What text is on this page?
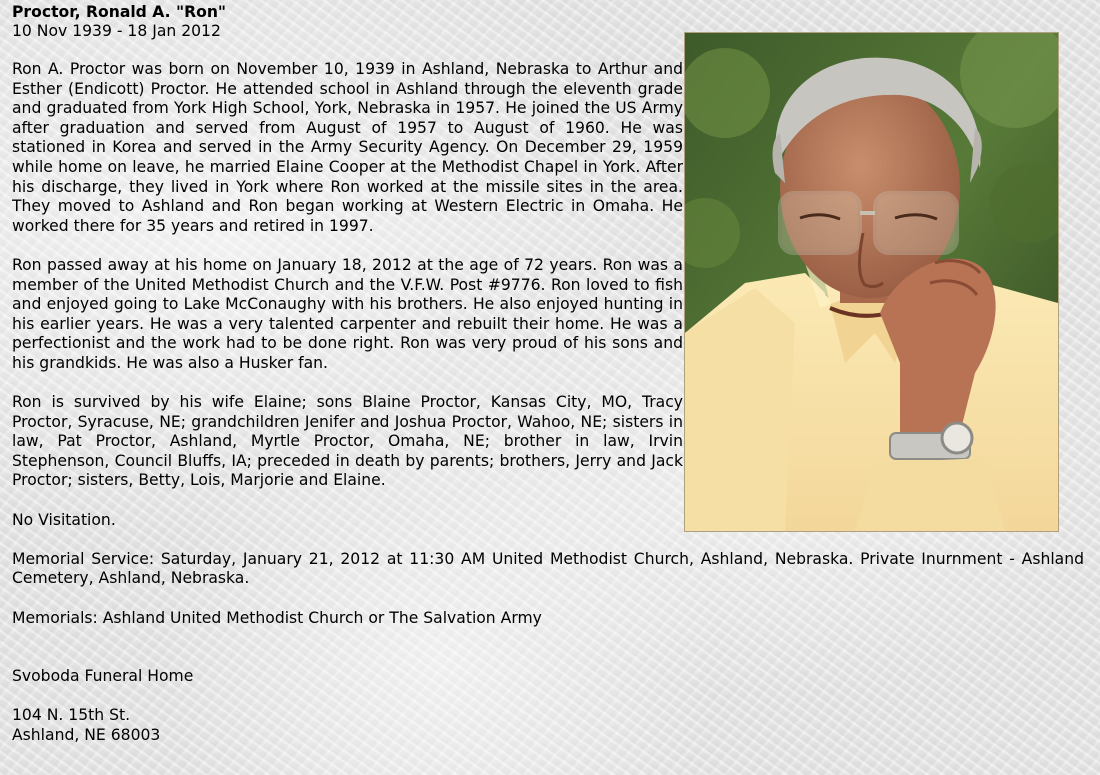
Proctor, Ronald A. "Ron"

10 Nov 1939 - 18 Jan 2012

Ron A. Proctor was born on November 10, 1939 in Ashland, Nebraska to Arthur and Esther (Endicott) Proctor. He attended school in Ashland through the eleventh grade and graduated from York High School, York, Nebraska in 1957. He joined the US Army after graduation and served from August of 1957 to August of 1960. He was stationed in Korea and served in the Army Security Agency. On December 29, 1959 while home on leave, he married Elaine Cooper at the Methodist Chapel in York. After his discharge, they lived in York where Ron worked at the missile sites in the area. They moved to Ashland and Ron began working at Western Electric in Omaha. He worked there for 35 years and retired in 1997.

Ron passed away at his home on January 18, 2012 at the age of 72 years. Ron was a member of the United Methodist Church and the V.F.W. Post #9776. Ron loved to fish and enjoyed going to Lake McConaughy with his brothers. He also enjoyed hunting in his earlier years. He was a very talented carpenter and rebuilt their home. He was a perfectionist and the work had to be done right. Ron was very proud of his sons and his grandkids. He was also a Husker fan.

Ron is survived by his wife Elaine; sons Blaine Proctor, Kansas City, MO, Tracy Proctor, Syracuse, NE; grandchildren Jenifer and Joshua Proctor, Wahoo, NE; sisters in law, Pat Proctor, Ashland, Myrtle Proctor, Omaha, NE; brother in law, Irvin Stephenson, Council Bluffs, IA; preceded in death by parents; brothers, Jerry and Jack Proctor; sisters, Betty, Lois, Marjorie and Elaine.

No Visitation.

Memorial Service: Saturday, January 21, 2012 at 11:30 AM United Methodist Church, Ashland, Nebraska. Private Inurnment - Ashland Cemetery, Ashland, Nebraska.

Memorials: Ashland United Methodist Church or The Salvation Army

Svoboda Funeral Home

104 N. 15th St.

Ashland, NE 68003
